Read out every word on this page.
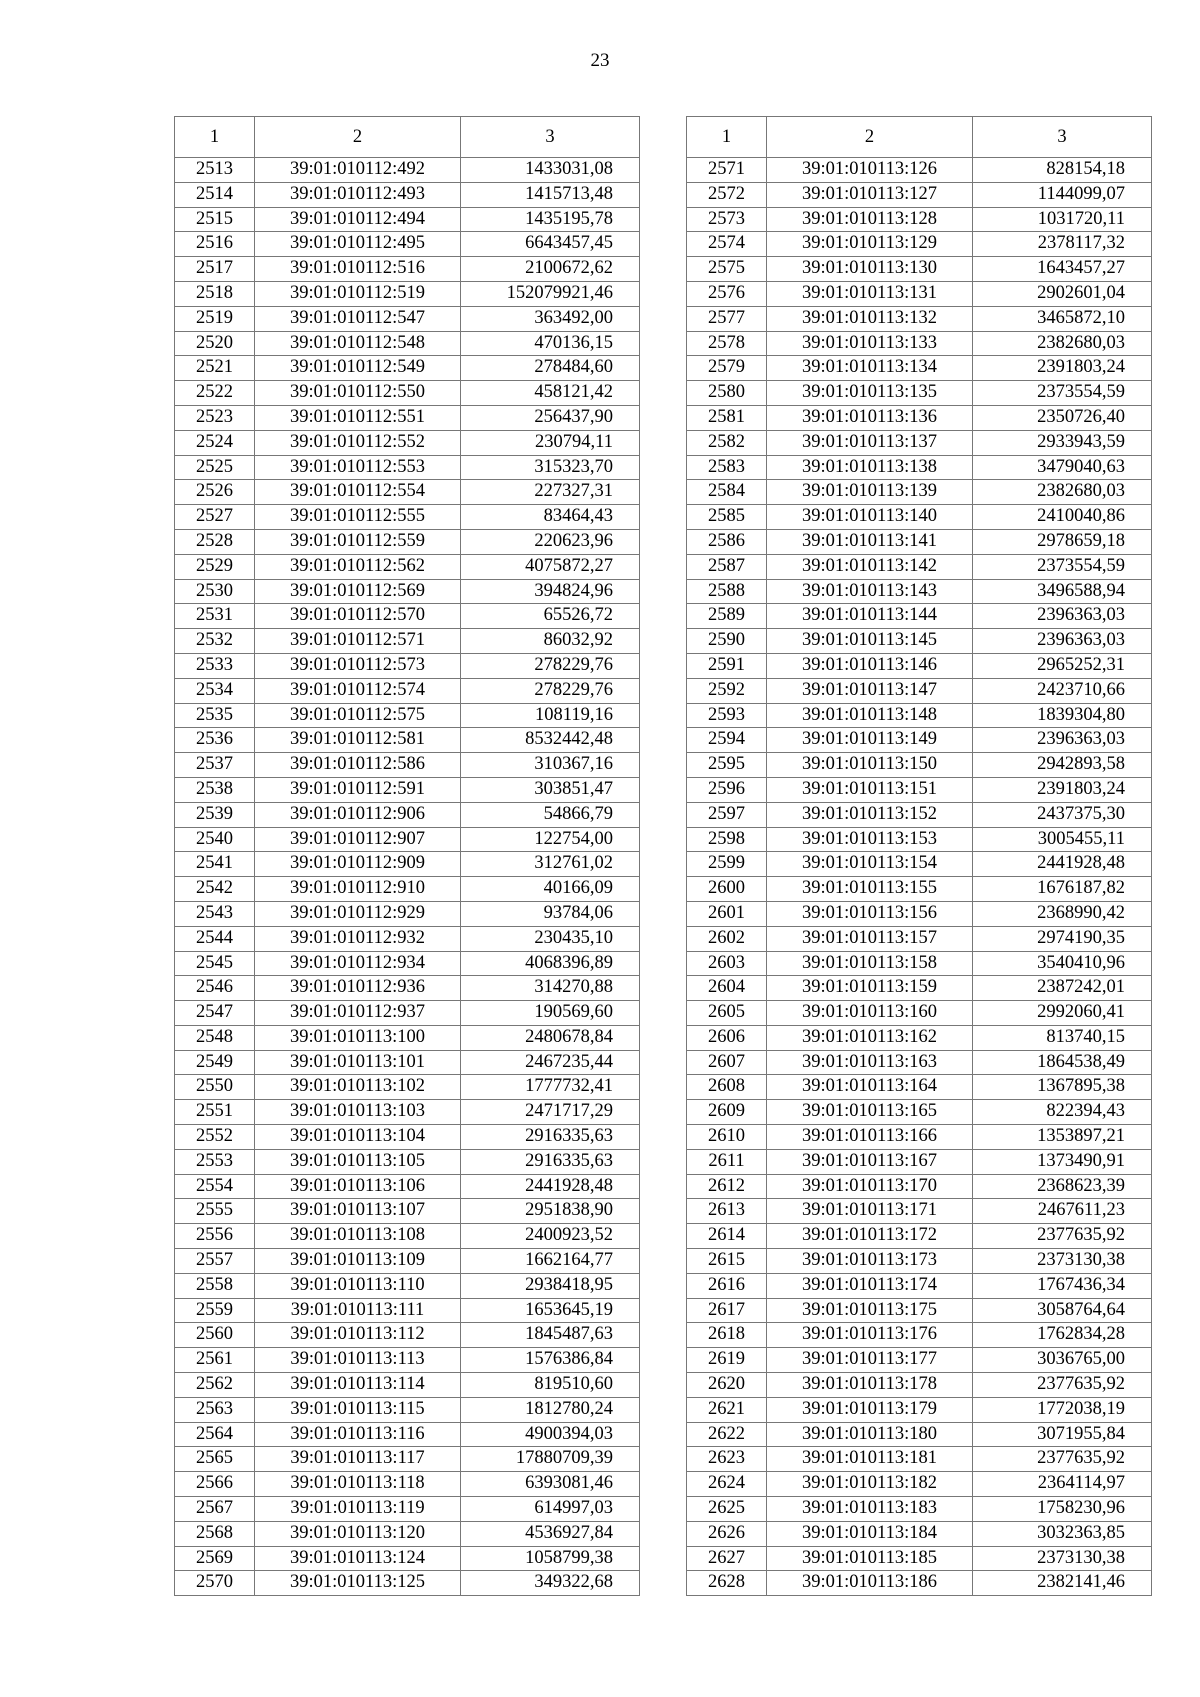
23
1	2	3
2513	39:01:010112:492	1433031,08
2514	39:01:010112:493	1415713,48
2515	39:01:010112:494	1435195,78
2516	39:01:010112:495	6643457,45
2517	39:01:010112:516	2100672,62
2518	39:01:010112:519	152079921,46
2519	39:01:010112:547	363492,00
2520	39:01:010112:548	470136,15
2521	39:01:010112:549	278484,60
2522	39:01:010112:550	458121,42
2523	39:01:010112:551	256437,90
2524	39:01:010112:552	230794,11
2525	39:01:010112:553	315323,70
2526	39:01:010112:554	227327,31
2527	39:01:010112:555	83464,43
2528	39:01:010112:559	220623,96
2529	39:01:010112:562	4075872,27
2530	39:01:010112:569	394824,96
2531	39:01:010112:570	65526,72
2532	39:01:010112:571	86032,92
2533	39:01:010112:573	278229,76
2534	39:01:010112:574	278229,76
2535	39:01:010112:575	108119,16
2536	39:01:010112:581	8532442,48
2537	39:01:010112:586	310367,16
2538	39:01:010112:591	303851,47
2539	39:01:010112:906	54866,79
2540	39:01:010112:907	122754,00
2541	39:01:010112:909	312761,02
2542	39:01:010112:910	40166,09
2543	39:01:010112:929	93784,06
2544	39:01:010112:932	230435,10
2545	39:01:010112:934	4068396,89
2546	39:01:010112:936	314270,88
2547	39:01:010112:937	190569,60
2548	39:01:010113:100	2480678,84
2549	39:01:010113:101	2467235,44
2550	39:01:010113:102	1777732,41
2551	39:01:010113:103	2471717,29
2552	39:01:010113:104	2916335,63
2553	39:01:010113:105	2916335,63
2554	39:01:010113:106	2441928,48
2555	39:01:010113:107	2951838,90
2556	39:01:010113:108	2400923,52
2557	39:01:010113:109	1662164,77
2558	39:01:010113:110	2938418,95
2559	39:01:010113:111	1653645,19
2560	39:01:010113:112	1845487,63
2561	39:01:010113:113	1576386,84
2562	39:01:010113:114	819510,60
2563	39:01:010113:115	1812780,24
2564	39:01:010113:116	4900394,03
2565	39:01:010113:117	17880709,39
2566	39:01:010113:118	6393081,46
2567	39:01:010113:119	614997,03
2568	39:01:010113:120	4536927,84
2569	39:01:010113:124	1058799,38
2570	39:01:010113:125	349322,68
1	2	3
2571	39:01:010113:126	828154,18
2572	39:01:010113:127	1144099,07
2573	39:01:010113:128	1031720,11
2574	39:01:010113:129	2378117,32
2575	39:01:010113:130	1643457,27
2576	39:01:010113:131	2902601,04
2577	39:01:010113:132	3465872,10
2578	39:01:010113:133	2382680,03
2579	39:01:010113:134	2391803,24
2580	39:01:010113:135	2373554,59
2581	39:01:010113:136	2350726,40
2582	39:01:010113:137	2933943,59
2583	39:01:010113:138	3479040,63
2584	39:01:010113:139	2382680,03
2585	39:01:010113:140	2410040,86
2586	39:01:010113:141	2978659,18
2587	39:01:010113:142	2373554,59
2588	39:01:010113:143	3496588,94
2589	39:01:010113:144	2396363,03
2590	39:01:010113:145	2396363,03
2591	39:01:010113:146	2965252,31
2592	39:01:010113:147	2423710,66
2593	39:01:010113:148	1839304,80
2594	39:01:010113:149	2396363,03
2595	39:01:010113:150	2942893,58
2596	39:01:010113:151	2391803,24
2597	39:01:010113:152	2437375,30
2598	39:01:010113:153	3005455,11
2599	39:01:010113:154	2441928,48
2600	39:01:010113:155	1676187,82
2601	39:01:010113:156	2368990,42
2602	39:01:010113:157	2974190,35
2603	39:01:010113:158	3540410,96
2604	39:01:010113:159	2387242,01
2605	39:01:010113:160	2992060,41
2606	39:01:010113:162	813740,15
2607	39:01:010113:163	1864538,49
2608	39:01:010113:164	1367895,38
2609	39:01:010113:165	822394,43
2610	39:01:010113:166	1353897,21
2611	39:01:010113:167	1373490,91
2612	39:01:010113:170	2368623,39
2613	39:01:010113:171	2467611,23
2614	39:01:010113:172	2377635,92
2615	39:01:010113:173	2373130,38
2616	39:01:010113:174	1767436,34
2617	39:01:010113:175	3058764,64
2618	39:01:010113:176	1762834,28
2619	39:01:010113:177	3036765,00
2620	39:01:010113:178	2377635,92
2621	39:01:010113:179	1772038,19
2622	39:01:010113:180	3071955,84
2623	39:01:010113:181	2377635,92
2624	39:01:010113:182	2364114,97
2625	39:01:010113:183	1758230,96
2626	39:01:010113:184	3032363,85
2627	39:01:010113:185	2373130,38
2628	39:01:010113:186	2382141,46
